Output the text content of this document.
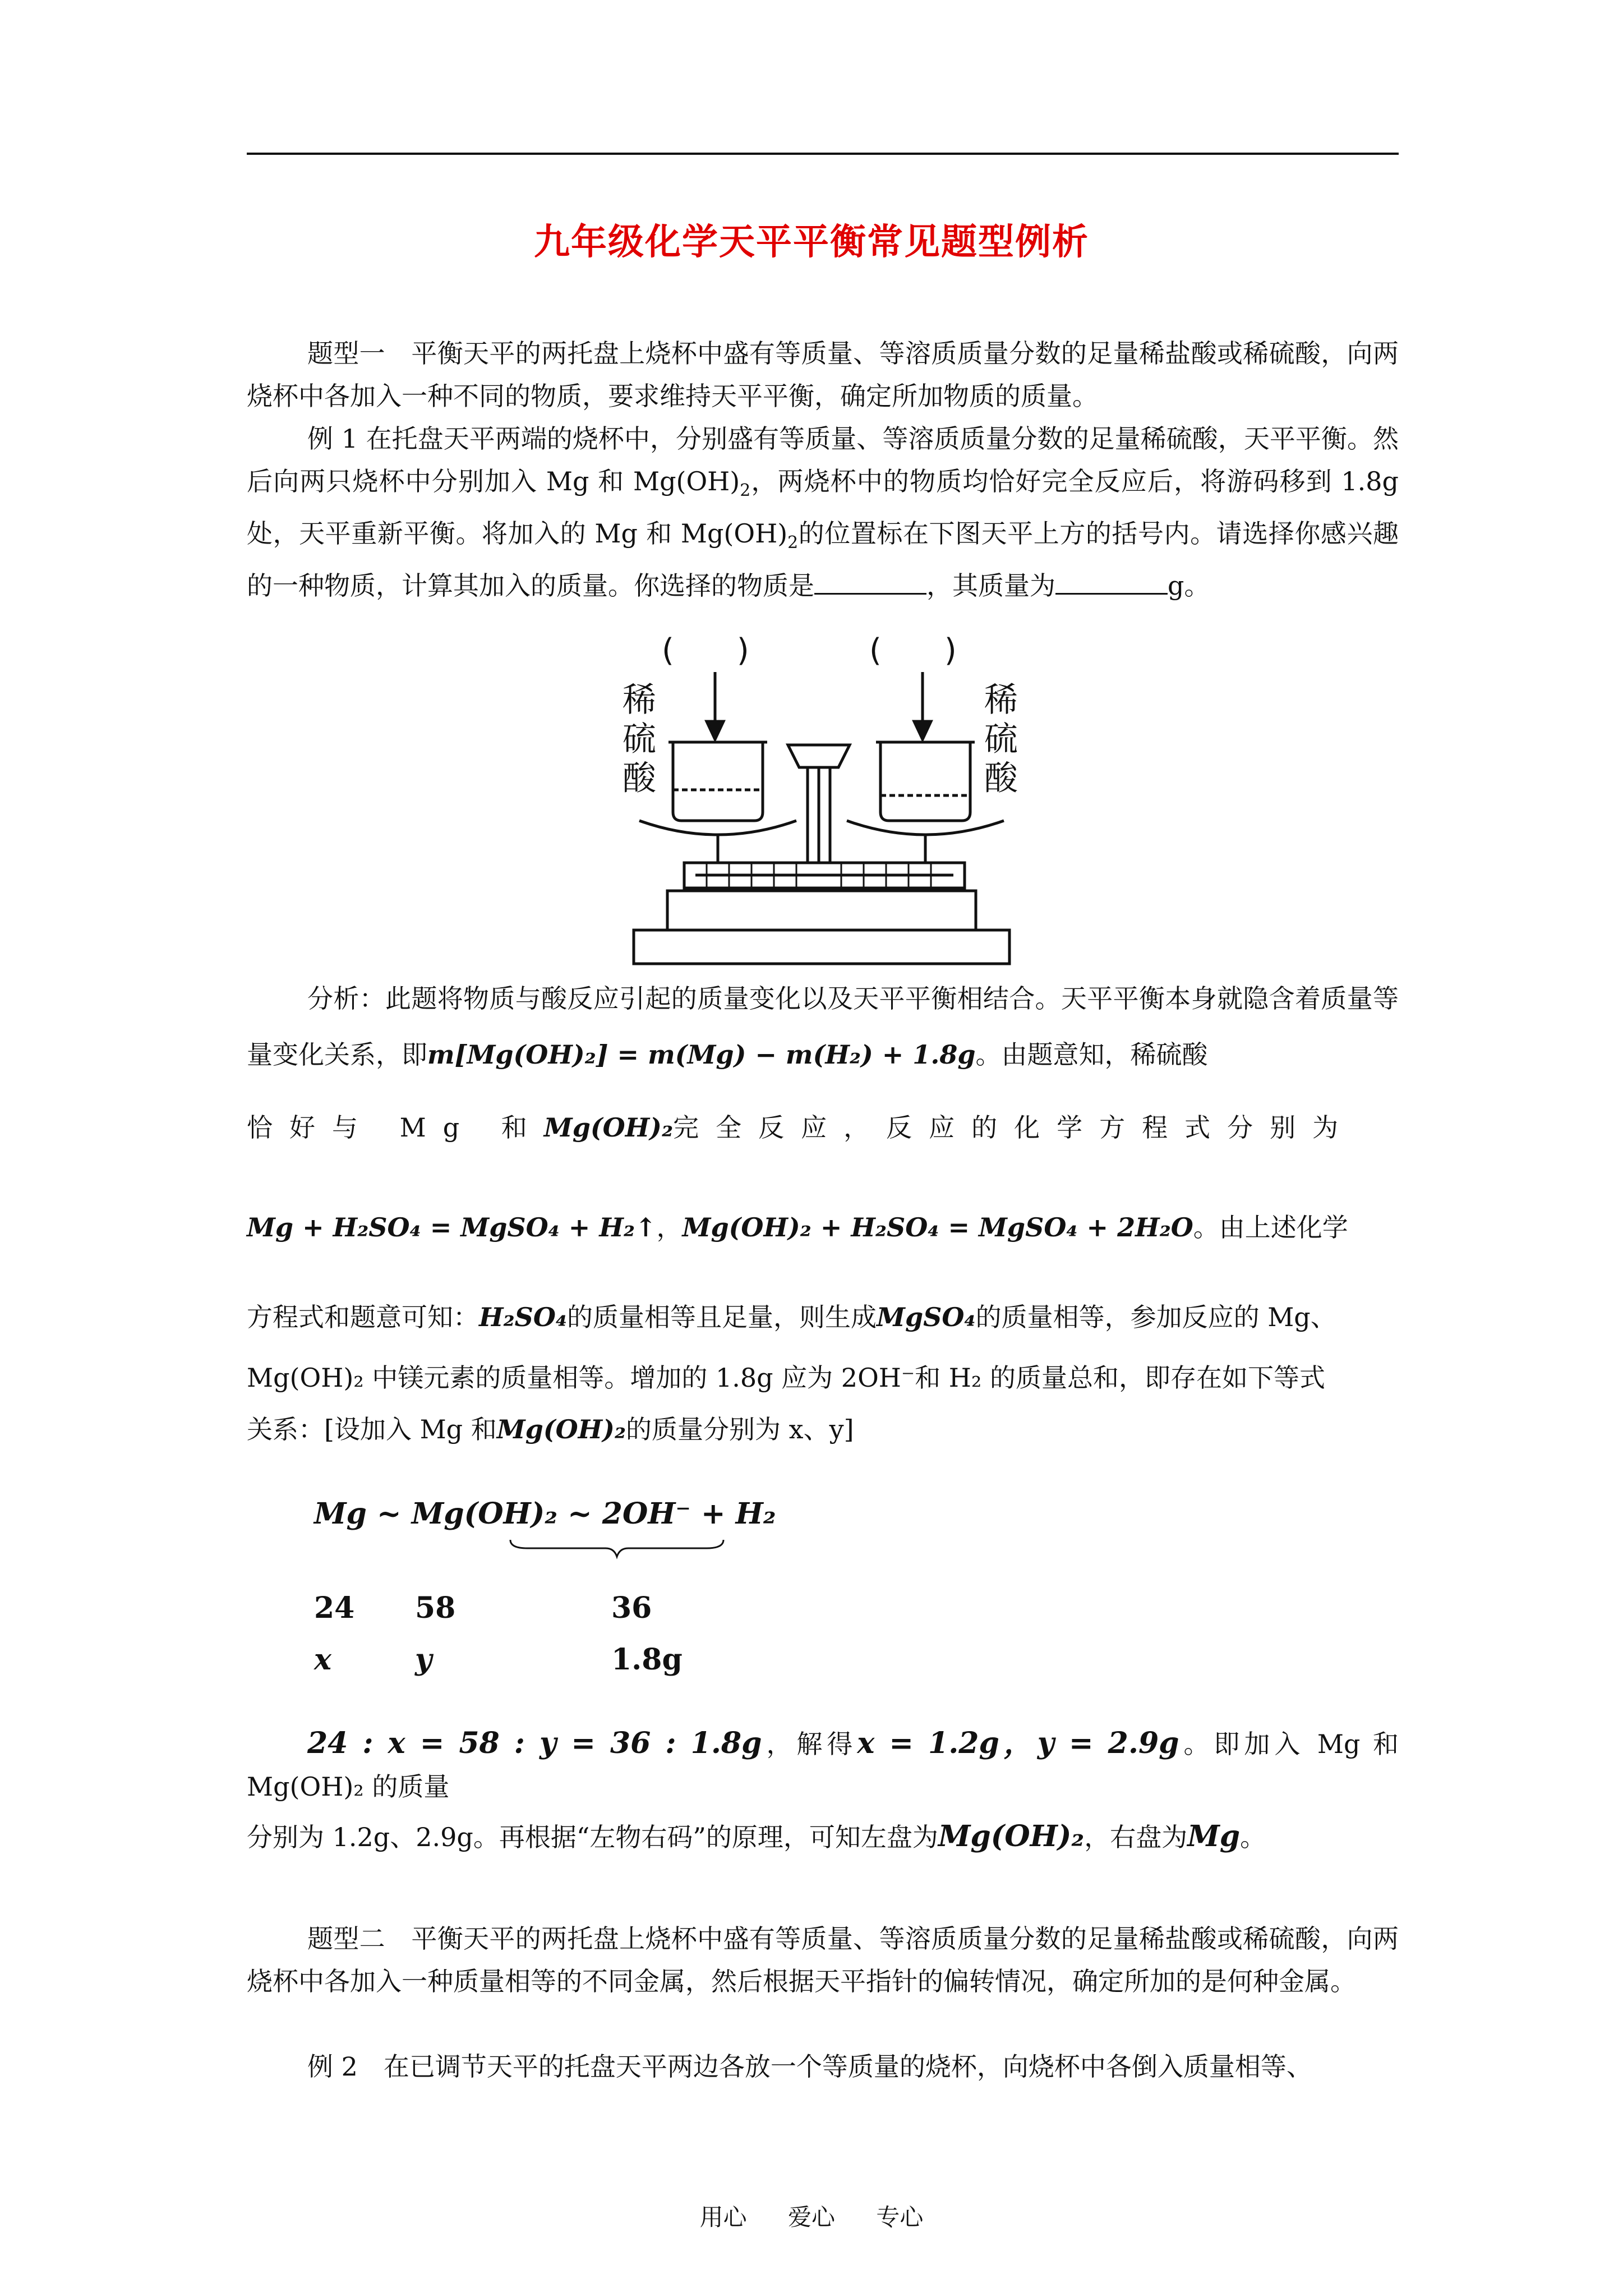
九年级化学天平平衡常见题型例析
题型一　平衡天平的两托盘上烧杯中盛有等质量、等溶质质量分数的足量稀盐酸或稀硫酸，向两烧杯中各加入一种不同的物质，要求维持天平平衡，确定所加物质的质量。
例 1 在托盘天平两端的烧杯中，分别盛有等质量、等溶质质量分数的足量稀硫酸，天平平衡。然后向两只烧杯中分别加入 Mg 和 $Mg(OH)_2$，两烧杯中的物质均恰好完全反应后，将游码移到 1.8g 处，天平重新平衡。将加入的 Mg 和 $Mg(OH)_2$的位置标在下图天平上方的括号内。请选择你感兴趣的一种物质，计算其加入的质量。你选择的物质是	，其质量为	g。
(　　)	(　　)
稀硫酸
稀硫酸
分析：此题将物质与酸反应引起的质量变化以及天平平衡相结合。天平平衡本身就隐含着质量等量变化关系，即m[Mg(OH)₂] = m(Mg) − m(H₂) + 1.8g。由题意知，稀硫酸
恰好与 Mg 和Mg(OH)₂完全反应，反应的化学方程式分别为
Mg + H₂SO₄ = MgSO₄ + H₂↑，Mg(OH)₂ + H₂SO₄ = MgSO₄ + 2H₂O。由上述化学
方程式和题意可知：H₂SO₄的质量相等且足量，则生成MgSO₄的质量相等，参加反应的 Mg、
Mg(OH)₂ 中镁元素的质量相等。增加的 1.8g 应为 2OH⁻和 H₂ 的质量总和，即存在如下等式
关系：[设加入 Mg 和Mg(OH)₂的质量分别为 x、y]
Mg ~ Mg(OH)₂ ~ 2OH⁻ + H₂
24 58	36
x	y	1.8g
24 : x = 58 : y = 36 : 1.8g，解得x = 1.2g，y = 2.9g。即加入 Mg 和 Mg(OH)₂ 的质量
分别为 1.2g、2.9g。再根据“左物右码”的原理，可知左盘为Mg(OH)₂，右盘为Mg。
题型二　平衡天平的两托盘上烧杯中盛有等质量、等溶质质量分数的足量稀盐酸或稀硫酸，向两烧杯中各加入一种质量相等的不同金属，然后根据天平指针的偏转情况，确定所加的是何种金属。
例 2　在已调节天平的托盘天平两边各放一个等质量的烧杯，向烧杯中各倒入质量相等、
用心 爱心 专心
